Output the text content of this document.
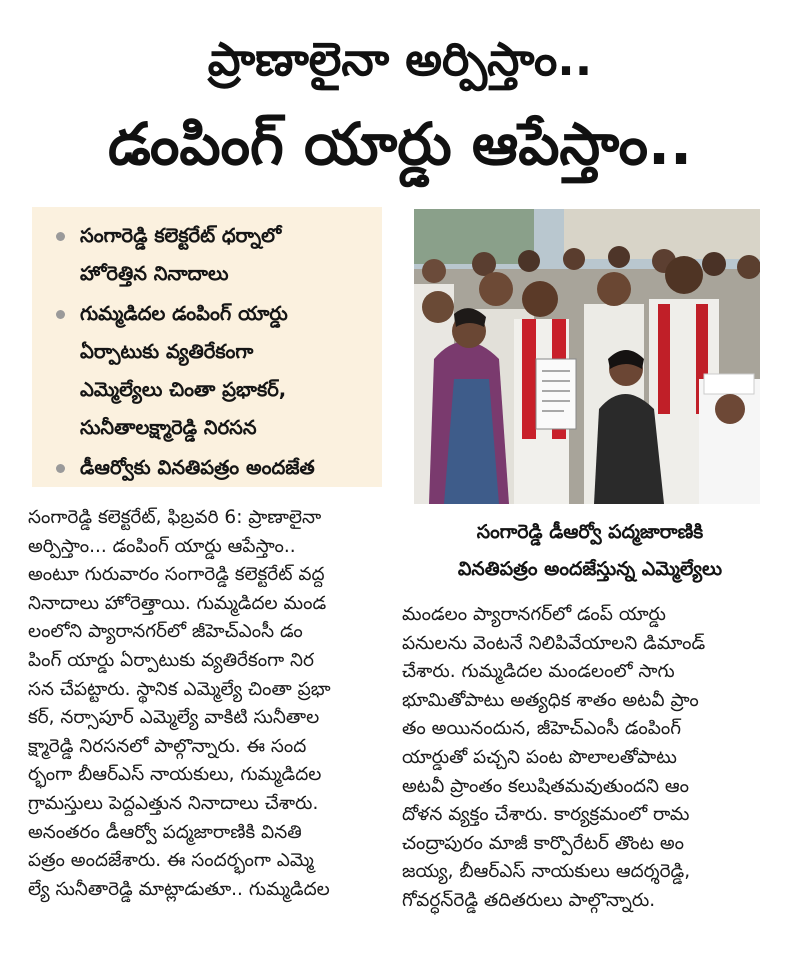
ప్రాణాలైనా అర్పిస్తాం..
డంపింగ్ యార్డు ఆపేస్తాం..
సంగారెడ్డి కలెక్టరేట్ ధర్నాలో
హోరెత్తిన నినాదాలు
గుమ్మడిదల డంపింగ్ యార్డు
ఏర్పాటుకు వ్యతిరేకంగా
ఎమ్మెల్యేలు చింతా ప్రభాకర్,
సునీతాలక్ష్మారెడ్డి నిరసన
డీఆర్వోకు వినతిపత్రం అందజేత
సంగారెడ్డి డీఆర్వో పద్మజారాణికి
వినతిపత్రం అందజేస్తున్న ఎమ్మెల్యేలు
సంగారెడ్డి కలెక్టరేట్, ఫిబ్రవరి 6: ప్రాణాలైనా
అర్పిస్తాం... డంపింగ్ యార్డు ఆపేస్తాం..
అంటూ గురువారం సంగారెడ్డి కలెక్టరేట్ వద్ద
నినాదాలు హోరెత్తాయి. గుమ్మడిదల మండ
లంలోని ప్యారానగర్‌లో జీహెచ్‌ఎంసీ డం
పింగ్ యార్డు ఏర్పాటుకు వ్యతిరేకంగా నిర
సన చేపట్టారు. స్థానిక ఎమ్మెల్యే చింతా ప్రభా
కర్, నర్సాపూర్ ఎమ్మెల్యే వాకిటి సునీతాల
క్ష్మారెడ్డి నిరసనలో పాల్గొన్నారు. ఈ సంద
ర్భంగా బీఆర్‌ఎస్ నాయకులు, గుమ్మడిదల
గ్రామస్తులు పెద్దఎత్తున నినాదాలు చేశారు.
అనంతరం డీఆర్వో పద్మజారాణికి వినతి
పత్రం అందజేశారు. ఈ సందర్భంగా ఎమ్మె
ల్యే సునీతారెడ్డి మాట్లాడుతూ.. గుమ్మడిదల
మండలం ప్యారానగర్‌లో డంప్ యార్డు
పనులను వెంటనే నిలిపివేయాలని డిమాండ్
చేశారు. గుమ్మడిదల మండలంలో సాగు
భూమితోపాటు అత్యధిక శాతం అటవీ ప్రాం
తం అయినందున, జీహెచ్‌ఎంసీ డంపింగ్
యార్డుతో పచ్చని పంట పొలాలతోపాటు
అటవీ ప్రాంతం కలుషితమవుతుందని ఆం
దోళన వ్యక్తం చేశారు. కార్యక్రమంలో రామ
చంద్రాపురం మాజీ కార్పొరేటర్ తొంట అం
జయ్య, బీఆర్‌ఎస్ నాయకులు ఆదర్శరెడ్డి,
గోవర్ధన్‌రెడ్డి తదితరులు పాల్గొన్నారు.
